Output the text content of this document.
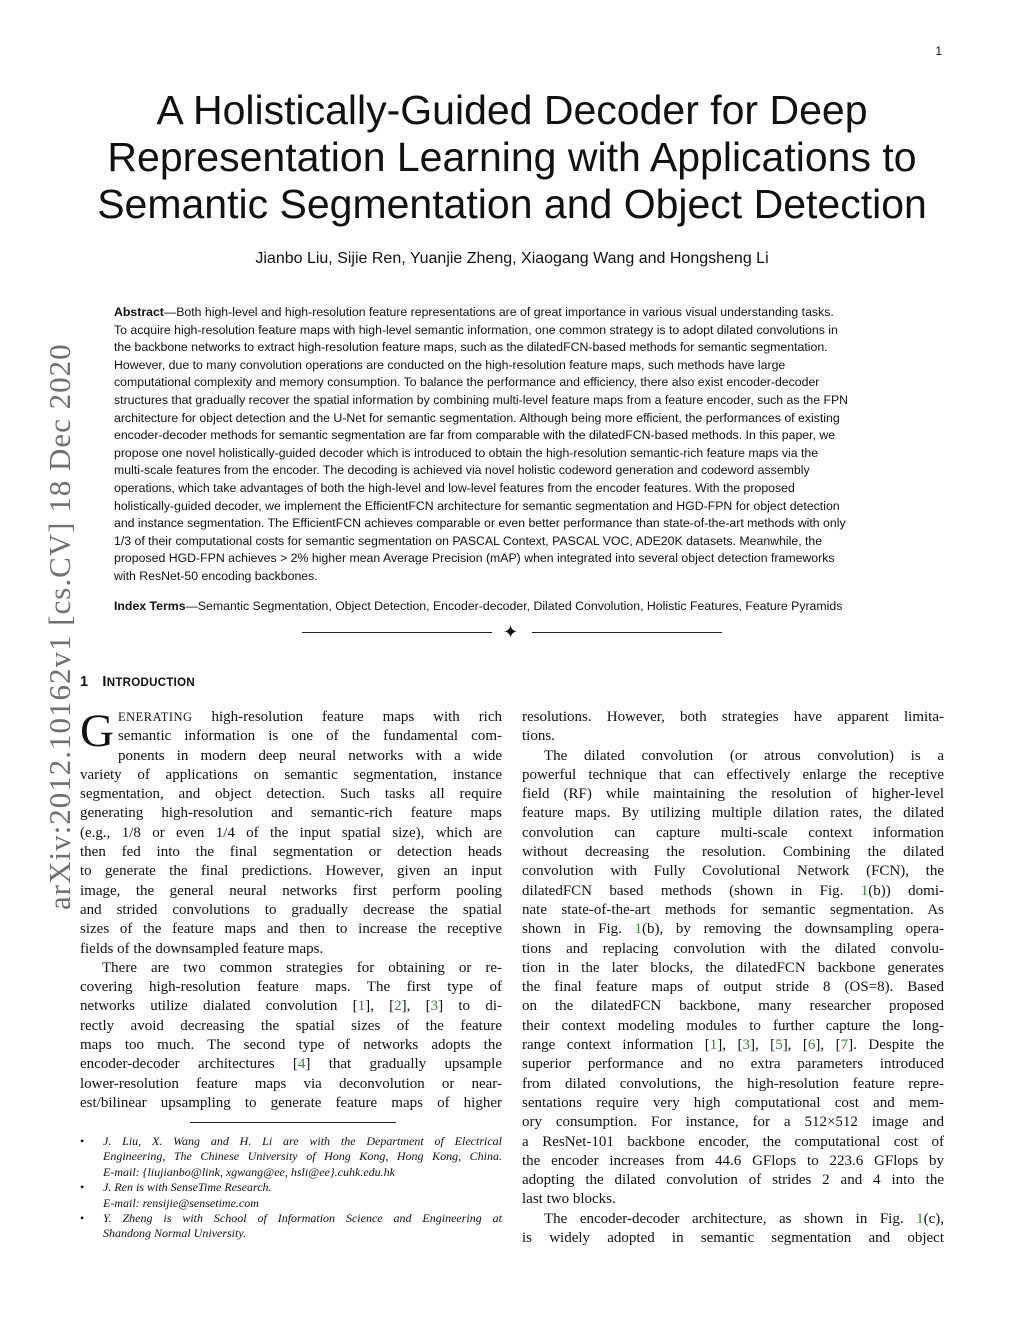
1
arXiv:2012.10162v1 [cs.CV] 18 Dec 2020
A Holistically-Guided Decoder for Deep
Representation Learning with Applications to
Semantic Segmentation and Object Detection
Jianbo Liu, Sijie Ren, Yuanjie Zheng, Xiaogang Wang and Hongsheng Li
Abstract—Both high-level and high-resolution feature representations are of great importance in various visual understanding tasks.
To acquire high-resolution feature maps with high-level semantic information, one common strategy is to adopt dilated convolutions in
the backbone networks to extract high-resolution feature maps, such as the dilatedFCN-based methods for semantic segmentation.
However, due to many convolution operations are conducted on the high-resolution feature maps, such methods have large
computational complexity and memory consumption. To balance the performance and efficiency, there also exist encoder-decoder
structures that gradually recover the spatial information by combining multi-level feature maps from a feature encoder, such as the FPN
architecture for object detection and the U-Net for semantic segmentation. Although being more efficient, the performances of existing
encoder-decoder methods for semantic segmentation are far from comparable with the dilatedFCN-based methods. In this paper, we
propose one novel holistically-guided decoder which is introduced to obtain the high-resolution semantic-rich feature maps via the
multi-scale features from the encoder. The decoding is achieved via novel holistic codeword generation and codeword assembly
operations, which take advantages of both the high-level and low-level features from the encoder features. With the proposed
holistically-guided decoder, we implement the EfficientFCN architecture for semantic segmentation and HGD-FPN for object detection
and instance segmentation. The EfficientFCN achieves comparable or even better performance than state-of-the-art methods with only
1/3 of their computational costs for semantic segmentation on PASCAL Context, PASCAL VOC, ADE20K datasets. Meanwhile, the
proposed HGD-FPN achieves > 2% higher mean Average Precision (mAP) when integrated into several object detection frameworks
with ResNet-50 encoding backbones.
Index Terms—Semantic Segmentation, Object Detection, Encoder-decoder, Dilated Convolution, Holistic Features, Feature Pyramids
✦
1 INTRODUCTION
G ENERATING high-resolution feature maps with rich
semantic information is one of the fundamental com-
ponents in modern deep neural networks with a wide
variety of applications on semantic segmentation, instance
segmentation, and object detection. Such tasks all require
generating high-resolution and semantic-rich feature maps
(e.g., 1/8 or even 1/4 of the input spatial size), which are
then fed into the final segmentation or detection heads
to generate the final predictions. However, given an input
image, the general neural networks first perform pooling
and strided convolutions to gradually decrease the spatial
sizes of the feature maps and then to increase the receptive
fields of the downsampled feature maps.
There are two common strategies for obtaining or re-
covering high-resolution feature maps. The first type of
networks utilize dialated convolution [1], [2], [3] to di-
rectly avoid decreasing the spatial sizes of the feature
maps too much. The second type of networks adopts the
encoder-decoder architectures [4] that gradually upsample
lower-resolution feature maps via deconvolution or near-
est/bilinear upsampling to generate feature maps of higher
• J. Liu, X. Wang and H. Li are with the Department of Electrical
Engineering, The Chinese University of Hong Kong, Hong Kong, China.
E-mail: {liujianbo@link, xgwang@ee, hsli@ee}.cuhk.edu.hk
• J. Ren is with SenseTime Research.
E-mail: rensijie@sensetime.com
• Y. Zheng is with School of Information Science and Engineering at
Shandong Normal University.
resolutions. However, both strategies have apparent limita-
tions.
The dilated convolution (or atrous convolution) is a
powerful technique that can effectively enlarge the receptive
field (RF) while maintaining the resolution of higher-level
feature maps. By utilizing multiple dilation rates, the dilated
convolution can capture multi-scale context information
without decreasing the resolution. Combining the dilated
convolution with Fully Covolutional Network (FCN), the
dilatedFCN based methods (shown in Fig. 1(b)) domi-
nate state-of-the-art methods for semantic segmentation. As
shown in Fig. 1(b), by removing the downsampling opera-
tions and replacing convolution with the dilated convolu-
tion in the later blocks, the dilatedFCN backbone generates
the final feature maps of output stride 8 (OS=8). Based
on the dilatedFCN backbone, many researcher proposed
their context modeling modules to further capture the long-
range context information [1], [3], [5], [6], [7]. Despite the
superior performance and no extra parameters introduced
from dilated convolutions, the high-resolution feature repre-
sentations require very high computational cost and mem-
ory consumption. For instance, for a 512×512 image and
a ResNet-101 backbone encoder, the computational cost of
the encoder increases from 44.6 GFlops to 223.6 GFlops by
adopting the dilated convolution of strides 2 and 4 into the
last two blocks.
The encoder-decoder architecture, as shown in Fig. 1(c),
is widely adopted in semantic segmentation and object
